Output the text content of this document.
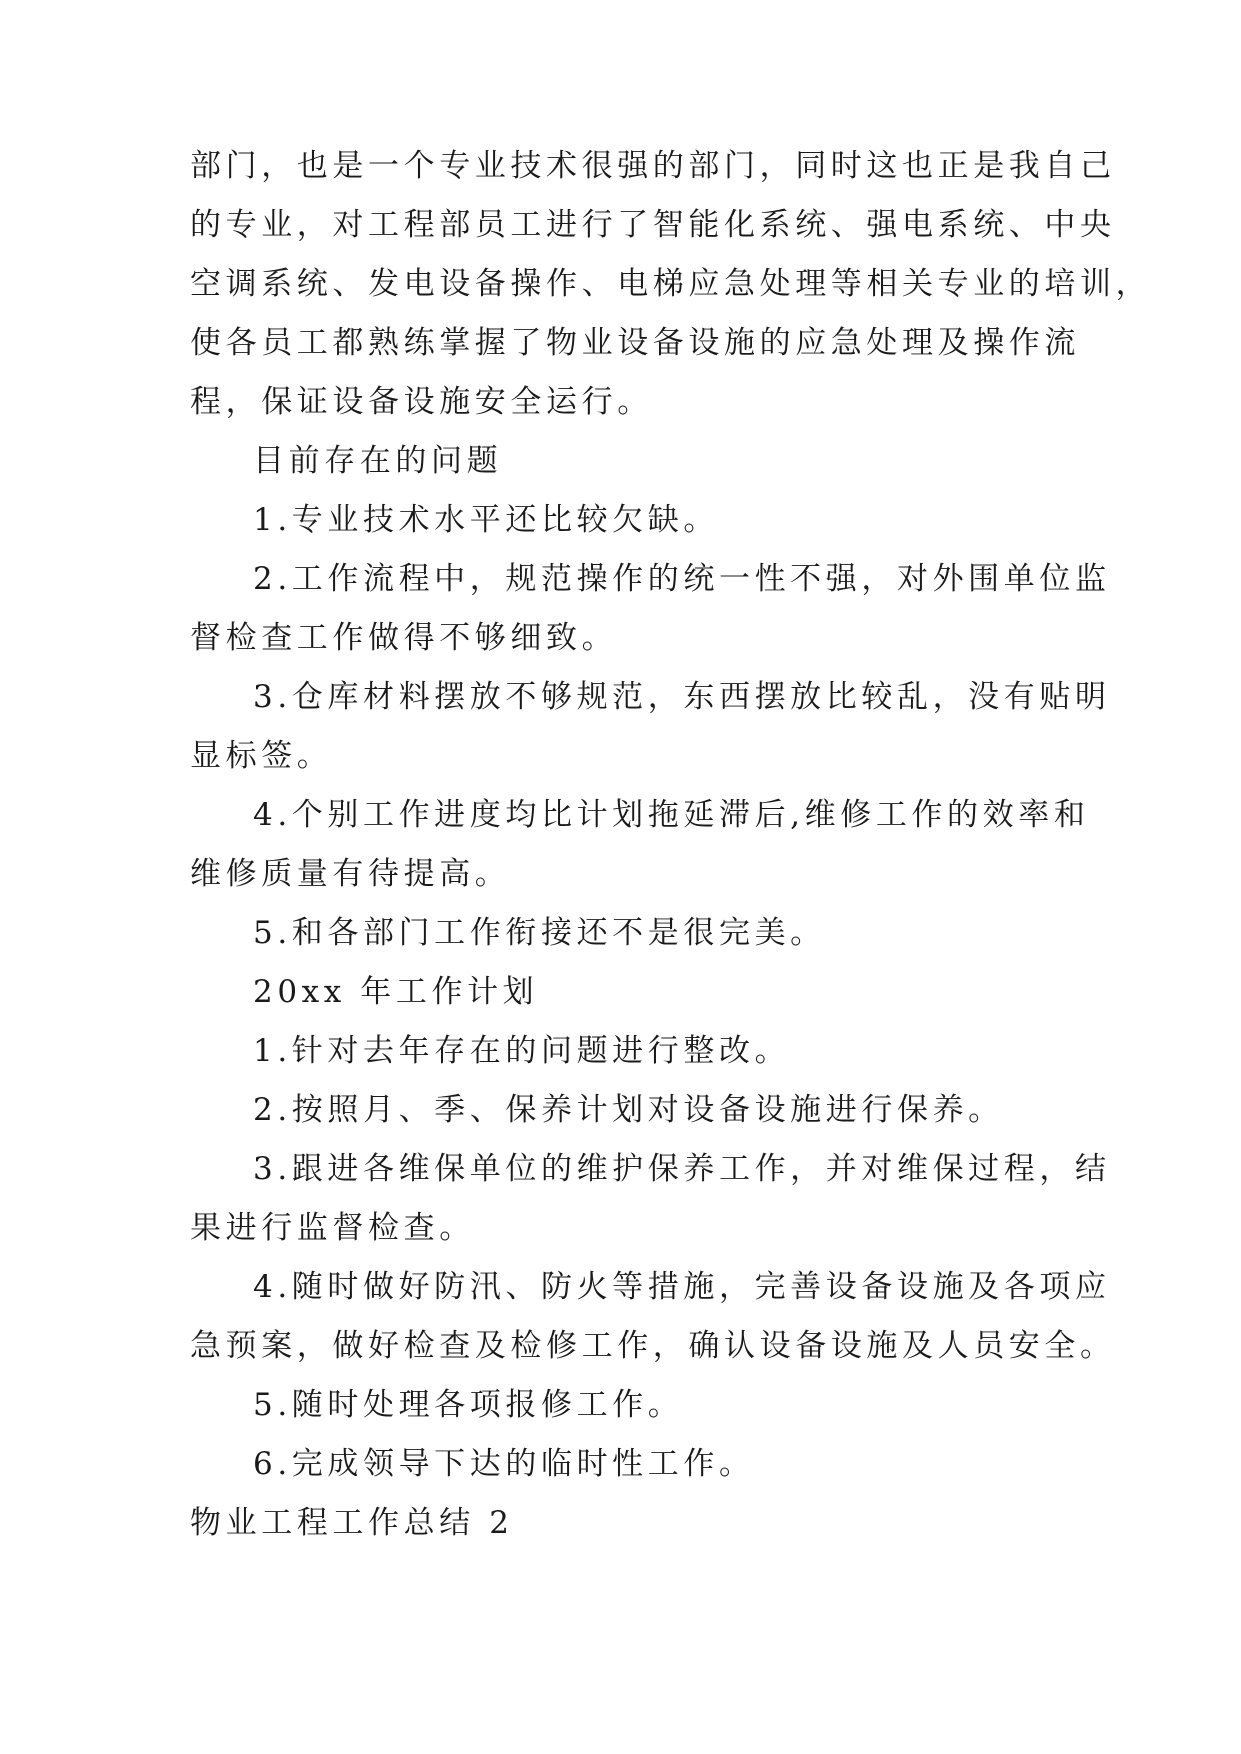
部门，也是一个专业技术很强的部门，同时这也正是我自己
的专业，对工程部员工进行了智能化系统、强电系统、中央
空调系统、发电设备操作、电梯应急处理等相关专业的培训，
使各员工都熟练掌握了物业设备设施的应急处理及操作流
程，保证设备设施安全运行。
目前存在的问题
1.专业技术水平还比较欠缺。
2.工作流程中，规范操作的统一性不强，对外围单位监
督检查工作做得不够细致。
3.仓库材料摆放不够规范，东西摆放比较乱，没有贴明
显标签。
4.个别工作进度均比计划拖延滞后,维修工作的效率和
维修质量有待提高。
5.和各部门工作衔接还不是很完美。
20xx 年工作计划
1.针对去年存在的问题进行整改。
2.按照月、季、保养计划对设备设施进行保养。
3.跟进各维保单位的维护保养工作，并对维保过程，结
果进行监督检查。
4.随时做好防汛、防火等措施，完善设备设施及各项应
急预案，做好检查及检修工作，确认设备设施及人员安全。
5.随时处理各项报修工作。
6.完成领导下达的临时性工作。
物业工程工作总结 2
